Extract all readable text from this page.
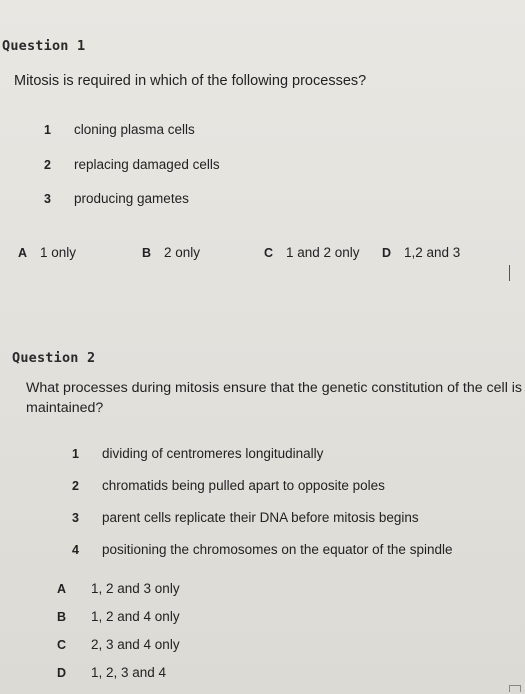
Question 1
Mitosis is required in which of the following processes?
1 cloning plasma cells
2 replacing damaged cells
3 producing gametes
A 1 only	B 2 only	C 1 and 2 only D 1,2 and 3
Question 2
What processes during mitosis ensure that the genetic constitution of the cell is
maintained?
1 dividing of centromeres longitudinally
2 chromatids being pulled apart to opposite poles
3 parent cells replicate their DNA before mitosis begins
4 positioning the chromosomes on the equator of the spindle
A 1, 2 and 3 only
B 1, 2 and 4 only
C 2, 3 and 4 only
D 1, 2, 3 and 4
